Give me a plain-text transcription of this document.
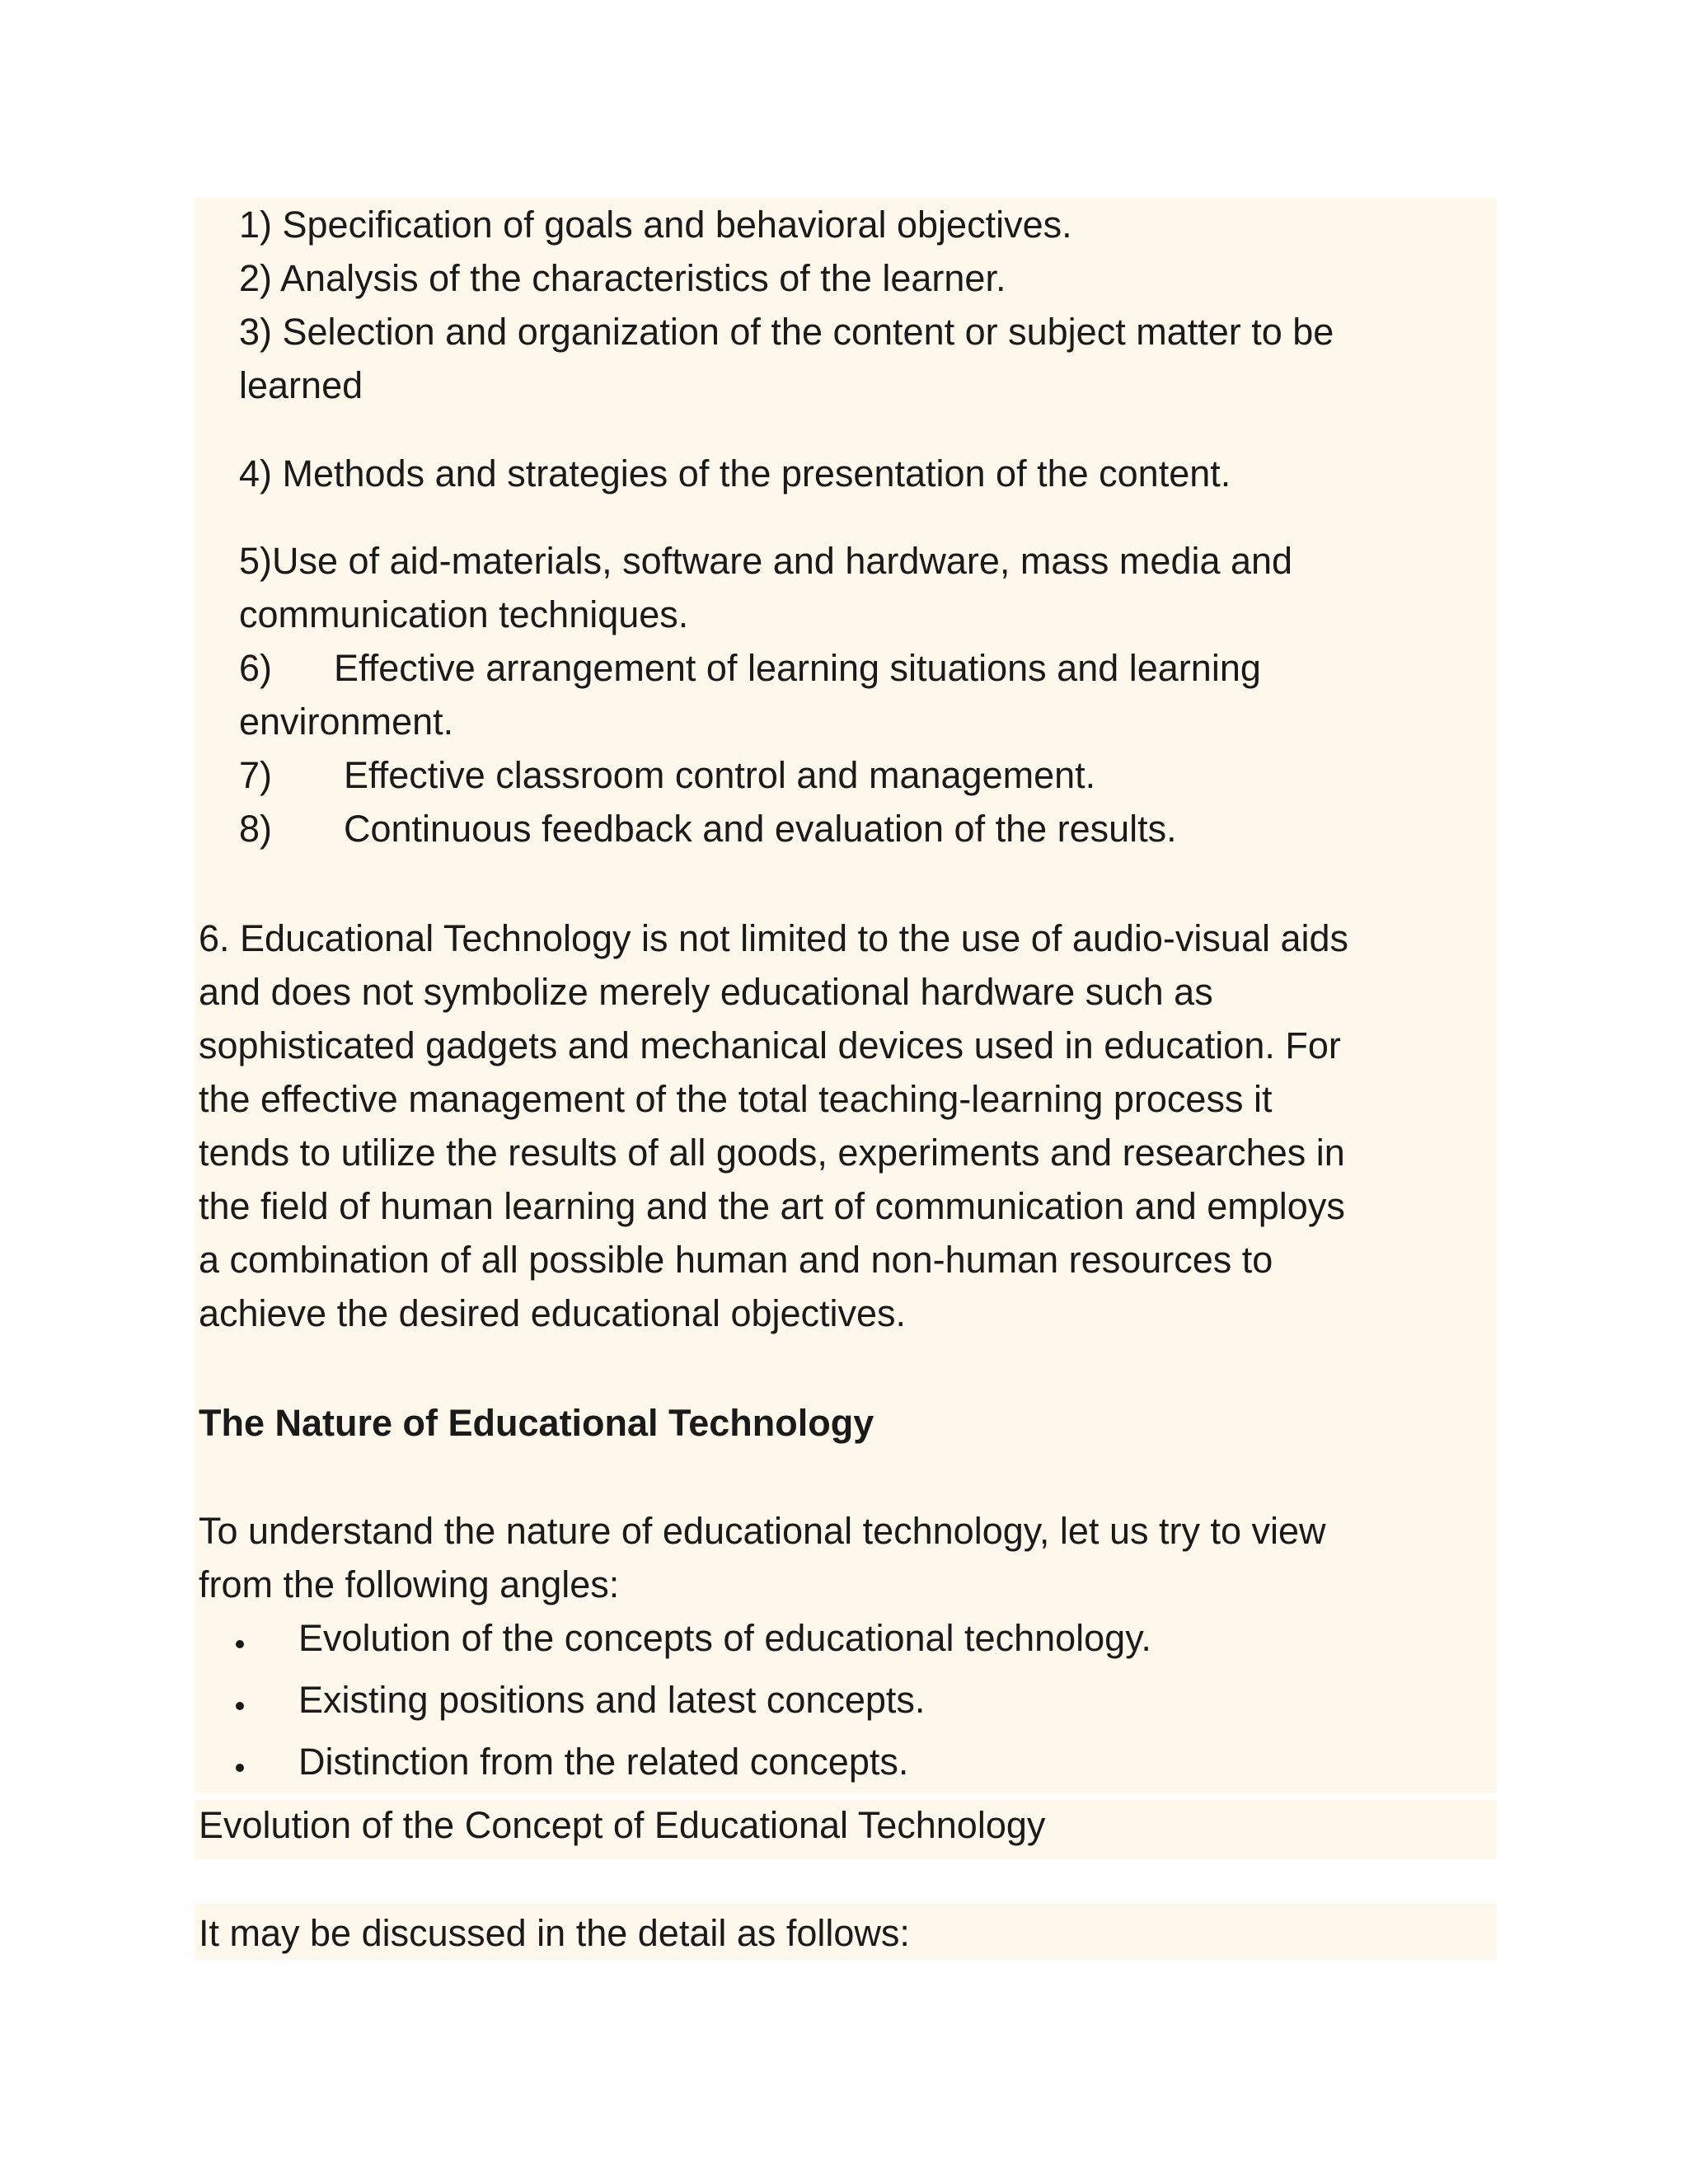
1) Specification of goals and behavioral objectives.
2) Analysis of the characteristics of the learner.
3) Selection and organization of the content or subject matter to be
learned
4) Methods and strategies of the presentation of the content.
5)Use of aid-materials, software and hardware, mass media and
communication techniques.
6) Effective arrangement of learning situations and learning
environment.
7) Effective classroom control and management.
8) Continuous feedback and evaluation of the results.
6. Educational Technology is not limited to the use of audio-visual aids
and does not symbolize merely educational hardware such as
sophisticated gadgets and mechanical devices used in education. For
the effective management of the total teaching-learning process it
tends to utilize the results of all goods, experiments and researches in
the field of human learning and the art of communication and employs
a combination of all possible human and non-human resources to
achieve the desired educational objectives.
The Nature of Educational Technology
To understand the nature of educational technology, let us try to view
from the following angles:
Evolution of the concepts of educational technology.
Existing positions and latest concepts.
Distinction from the related concepts.
Evolution of the Concept of Educational Technology
It may be discussed in the detail as follows:
